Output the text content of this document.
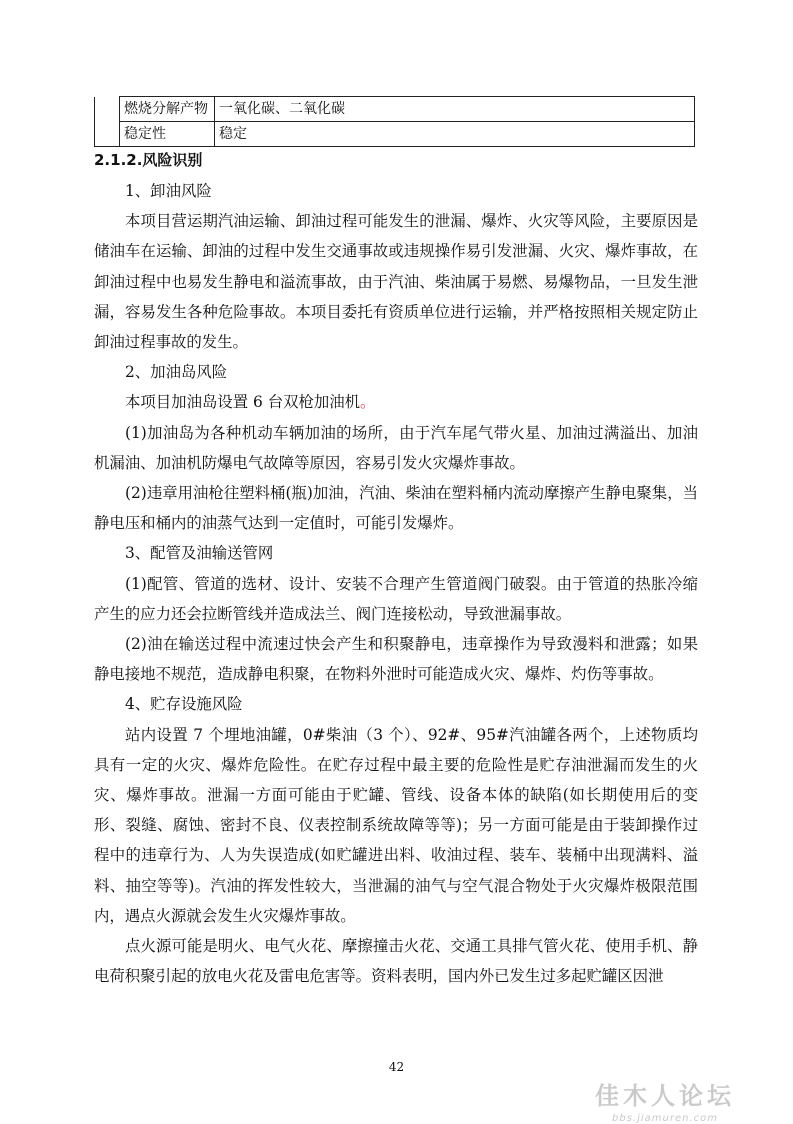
	燃烧分解产物	一氧化碳、二氧化碳
	稳定性	稳定
2.1.2.风险识别

1、卸油风险

本项目营运期汽油运输、卸油过程可能发生的泄漏、爆炸、火灾等风险，主要原因是储油车在运输、卸油的过程中发生交通事故或违规操作易引发泄漏、火灾、爆炸事故，在卸油过程中也易发生静电和溢流事故，由于汽油、柴油属于易燃、易爆物品，一旦发生泄漏，容易发生各种危险事故。本项目委托有资质单位进行运输，并严格按照相关规定防止卸油过程事故的发生。

2、加油岛风险

本项目加油岛设置 6 台双枪加油机。

(1)加油岛为各种机动车辆加油的场所，由于汽车尾气带火星、加油过满溢出、加油机漏油、加油机防爆电气故障等原因，容易引发火灾爆炸事故。

(2)违章用油枪往塑料桶(瓶)加油，汽油、柴油在塑料桶内流动摩擦产生静电聚集，当静电压和桶内的油蒸气达到一定值时，可能引发爆炸。

3、配管及油输送管网

(1)配管、管道的选材、设计、安装不合理产生管道阀门破裂。由于管道的热胀冷缩产生的应力还会拉断管线并造成法兰、阀门连接松动，导致泄漏事故。

(2)油在输送过程中流速过快会产生和积聚静电，违章操作为导致漫料和泄露；如果静电接地不规范，造成静电积聚，在物料外泄时可能造成火灾、爆炸、灼伤等事故。

4、贮存设施风险

站内设置 7 个埋地油罐，0#柴油（3 个）、92#、95#汽油罐各两个，上述物质均具有一定的火灾、爆炸危险性。在贮存过程中最主要的危险性是贮存油泄漏而发生的火灾、爆炸事故。泄漏一方面可能由于贮罐、管线、设备本体的缺陷(如长期使用后的变形、裂缝、腐蚀、密封不良、仪表控制系统故障等等)；另一方面可能是由于装卸操作过程中的违章行为、人为失误造成(如贮罐进出料、收油过程、装车、装桶中出现满料、溢料、抽空等等)。汽油的挥发性较大，当泄漏的油气与空气混合物处于火灾爆炸极限范围内，遇点火源就会发生火灾爆炸事故。

点火源可能是明火、电气火花、摩擦撞击火花、交通工具排气管火花、使用手机、静电荷积聚引起的放电火花及雷电危害等。资料表明，国内外已发生过多起贮罐区因泄

42
佳木人论坛
bbs.jiamuren.com
